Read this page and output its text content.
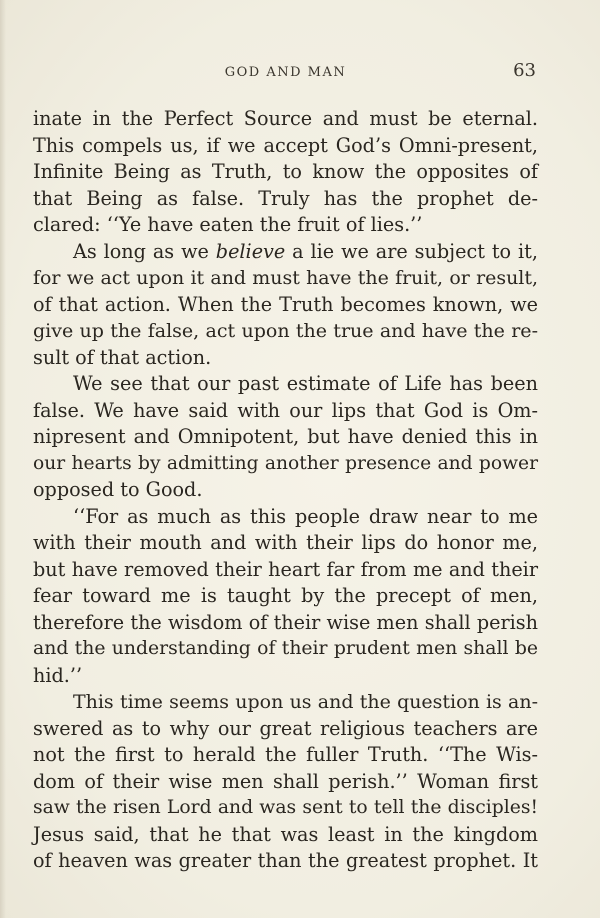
GOD AND MAN	63
inate in the Perfect Source and must be eternal.
This compels us, if we accept God’s Omni-present,
Infinite Being as Truth, to know the opposites of
that Being as false. Truly has the prophet de-
clared: ‘‘Ye have eaten the fruit of lies.’’
As long as we believe a lie we are subject to it,
for we act upon it and must have the fruit, or result,
of that action. When the Truth becomes known, we
give up the false, act upon the true and have the re-
sult of that action.
We see that our past estimate of Life has been
false. We have said with our lips that God is Om-
nipresent and Omnipotent, but have denied this in
our hearts by admitting another presence and power
opposed to Good.
‘‘For as much as this people draw near to me
with their mouth and with their lips do honor me,
but have removed their heart far from me and their
fear toward me is taught by the precept of men,
therefore the wisdom of their wise men shall perish
and the understanding of their prudent men shall be
hid.’’
This time seems upon us and the question is an-
swered as to why our great religious teachers are
not the first to herald the fuller Truth. ‘‘The Wis-
dom of their wise men shall perish.’’ Woman first
saw the risen Lord and was sent to tell the disciples!
Jesus said, that he that was least in the kingdom
of heaven was greater than the greatest prophet. It
